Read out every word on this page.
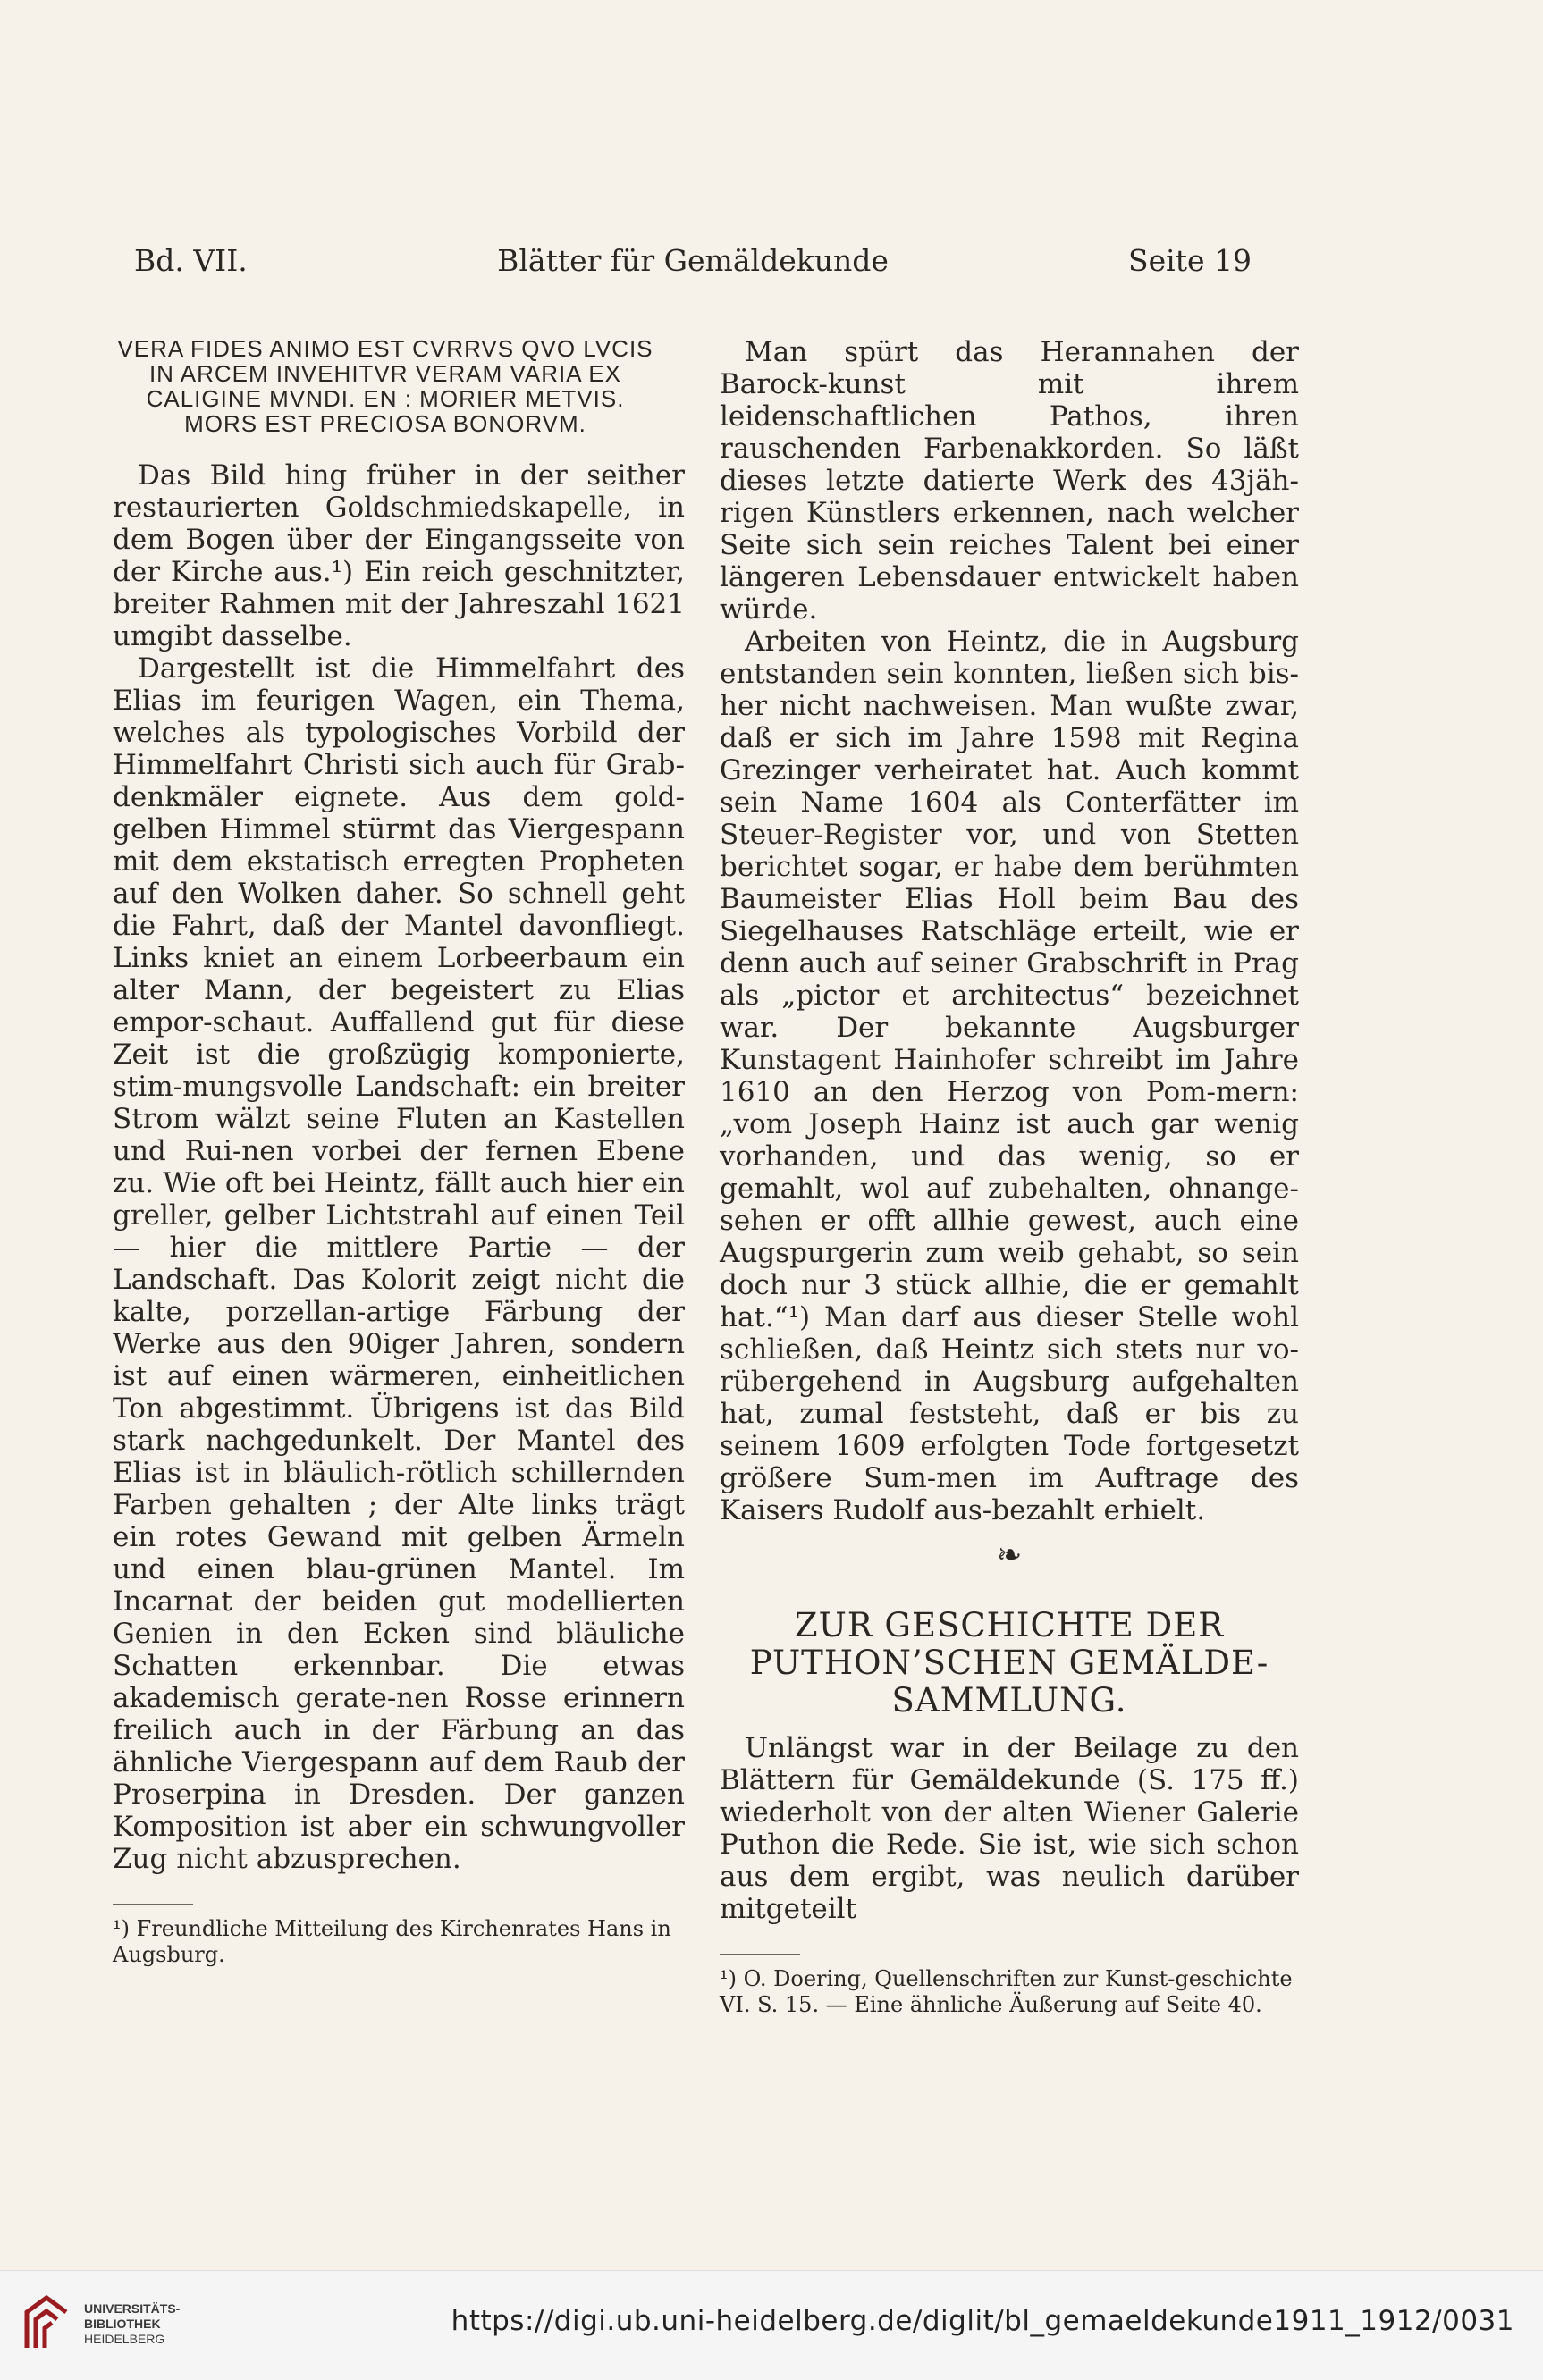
Bd. VII.	Blätter für Gemäldekunde	Seite 19

VERA FIDES ANIMO EST CVRRVS QVO LVCIS IN ARCEM INVEHITVR VERAM VARIA EX CALIGINE MVNDI. EN : MORIER METVIS. MORS EST PRECIOSA BONORVM.

Das Bild hing früher in der seither restaurierten Goldschmiedskapelle, in dem Bogen über der Eingangsseite von der Kirche aus.¹) Ein reich geschnitzter, breiter Rahmen mit der Jahreszahl 1621 umgibt dasselbe.

Dargestellt ist die Himmelfahrt des Elias im feurigen Wagen, ein Thema, welches als typologisches Vorbild der Himmelfahrt Christi sich auch für Grab-denkmäler eignete. Aus dem gold-gelben Himmel stürmt das Viergespann mit dem ekstatisch erregten Propheten auf den Wolken daher. So schnell geht die Fahrt, daß der Mantel davonfliegt. Links kniet an einem Lorbeerbaum ein alter Mann, der begeistert zu Elias empor-schaut. Auffallend gut für diese Zeit ist die großzügig komponierte, stim-mungsvolle Landschaft: ein breiter Strom wälzt seine Fluten an Kastellen und Rui-nen vorbei der fernen Ebene zu. Wie oft bei Heintz, fällt auch hier ein greller, gelber Lichtstrahl auf einen Teil — hier die mittlere Partie — der Landschaft. Das Kolorit zeigt nicht die kalte, porzellan-artige Färbung der Werke aus den 90iger Jahren, sondern ist auf einen wärmeren, einheitlichen Ton abgestimmt. Übrigens ist das Bild stark nachgedunkelt. Der Mantel des Elias ist in bläulich-rötlich schillernden Farben gehalten ; der Alte links trägt ein rotes Gewand mit gelben Ärmeln und einen blau-grünen Mantel. Im Incarnat der beiden gut modellierten Genien in den Ecken sind bläuliche Schatten erkennbar. Die etwas akademisch gerate-nen Rosse erinnern freilich auch in der Färbung an das ähnliche Viergespann auf dem Raub der Proserpina in Dresden. Der ganzen Komposition ist aber ein schwungvoller Zug nicht abzusprechen.

¹) Freundliche Mitteilung des Kirchenrates Hans in Augsburg.

Man spürt das Herannahen der Barock-kunst mit ihrem leidenschaftlichen Pathos, ihren rauschenden Farbenakkorden. So läßt dieses letzte datierte Werk des 43jäh-rigen Künstlers erkennen, nach welcher Seite sich sein reiches Talent bei einer längeren Lebensdauer entwickelt haben würde.

Arbeiten von Heintz, die in Augsburg entstanden sein konnten, ließen sich bis-her nicht nachweisen. Man wußte zwar, daß er sich im Jahre 1598 mit Regina Grezinger verheiratet hat. Auch kommt sein Name 1604 als Conterfätter im Steuer-Register vor, und von Stetten berichtet sogar, er habe dem berühmten Baumeister Elias Holl beim Bau des Siegelhauses Ratschläge erteilt, wie er denn auch auf seiner Grabschrift in Prag als „pictor et architectus“ bezeichnet war. Der bekannte Augsburger Kunstagent Hainhofer schreibt im Jahre 1610 an den Herzog von Pom-mern: „vom Joseph Hainz ist auch gar wenig vorhanden, und das wenig, so er gemahlt, wol auf zubehalten, ohnange-sehen er offt allhie gewest, auch eine Augspurgerin zum weib gehabt, so sein doch nur 3 stück allhie, die er gemahlt hat.“¹) Man darf aus dieser Stelle wohl schließen, daß Heintz sich stets nur vo-rübergehend in Augsburg aufgehalten hat, zumal feststeht, daß er bis zu seinem 1609 erfolgten Tode fortgesetzt größere Sum-men im Auftrage des Kaisers Rudolf aus-bezahlt erhielt.

❧
ZUR GESCHICHTE DER PUTHON’SCHEN GEMÄLDE-SAMMLUNG.

Unlängst war in der Beilage zu den Blättern für Gemäldekunde (S. 175 ff.) wiederholt von der alten Wiener Galerie Puthon die Rede. Sie ist, wie sich schon aus dem ergibt, was neulich darüber mitgeteilt

¹) O. Doering, Quellenschriften zur Kunst-geschichte VI. S. 15. — Eine ähnliche Äußerung auf Seite 40.

UNIVERSITÄTS-
BIBLIOTHEK
HEIDELBERG
https://digi.ub.uni-heidelberg.de/diglit/bl_gemaeldekunde1911_1912/0031
